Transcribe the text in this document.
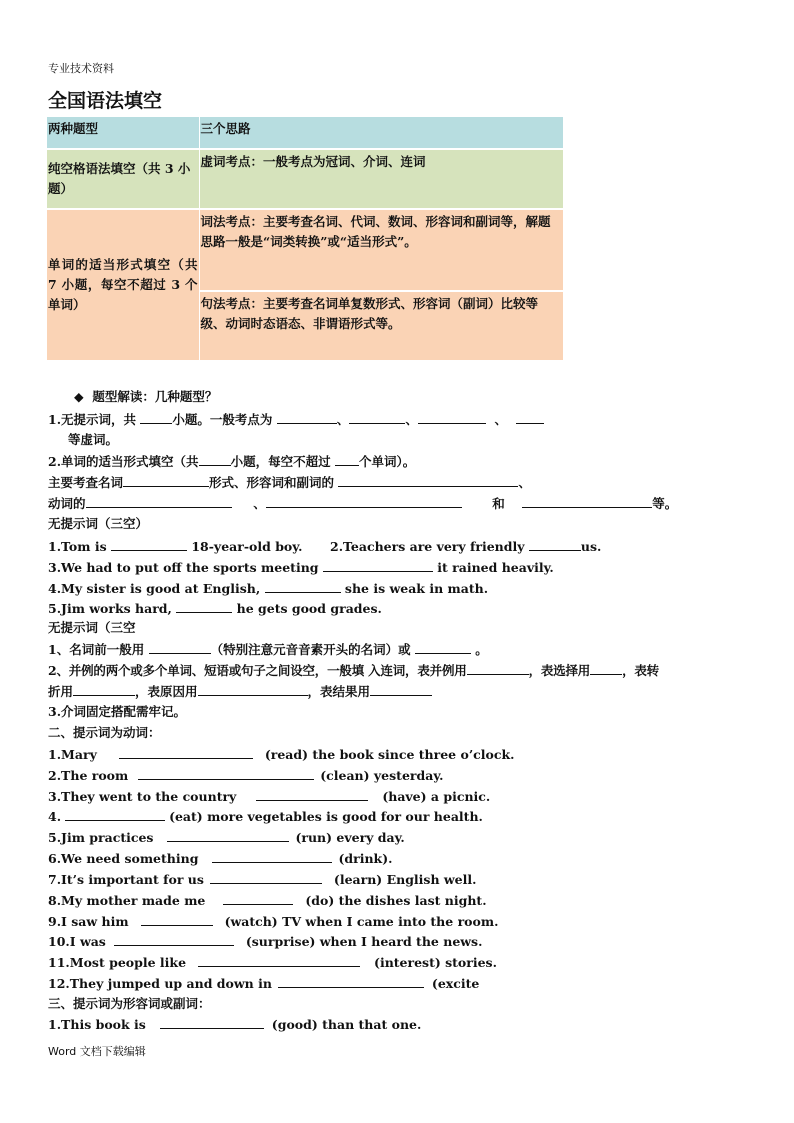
专业技术资料
全国语法填空
两种题型	三个思路
纯空格语法填空（共 3 小题）	虚词考点：一般考点为冠词、介词、连词
单词的适当形式填空（共 7 小题，每空不超过 3 个单词）	词法考点：主要考查名词、代词、数词、形容词和副词等，解题思路一般是“词类转换”或“适当形式”。
	句法考点：主要考查名词单复数形式、形容词（副词）比较等级、动词时态语态、非谓语形式等。
◆ 题型解读：几种题型？
1.无提示词，共	小题。一般考点为	、	、	、
等虚词。
2.单词的适当形式填空（共	小题，每空不超过 个单词）。
主要考查名词	形式、形容词和副词的	、
动词的	、	和	等。
无提示词（三空）
1.Tom is	18-year-old boy. 2.Teachers are very friendly	us.
3.We had to put off the sports meeting	it rained heavily.
4.My sister is good at English,	she is weak in math.
5.Jim works hard,	he gets good grades.
无提示词（三空
1、名词前一般用	（特别注意元音音素开头的名词）或	。
2、并例的两个或多个单词、短语或句子之间设空，一般填 入连词，表并例用	，表选择用	，表转
折用	，表原因用	，表结果用
3.介词固定搭配需牢记。
二、提示词为动词：
1.Mary	(read) the book since three o’clock.
2.The room	(clean) yesterday.
3.They went to the country	(have) a picnic.
4.	(eat) more vegetables is good for our health.
5.Jim practices	(run) every day.
6.We need something	(drink).
7.It’s important for us	(learn) English well.
8.My mother made me	(do) the dishes last night.
9.I saw him	(watch) TV when I came into the room.
10.I was	(surprise) when I heard the news.
11.Most people like	(interest) stories.
12.They jumped up and down in	(excite
三、提示词为形容词或副词：
1.This book is	(good) than that one.
Word 文档下载编辑
